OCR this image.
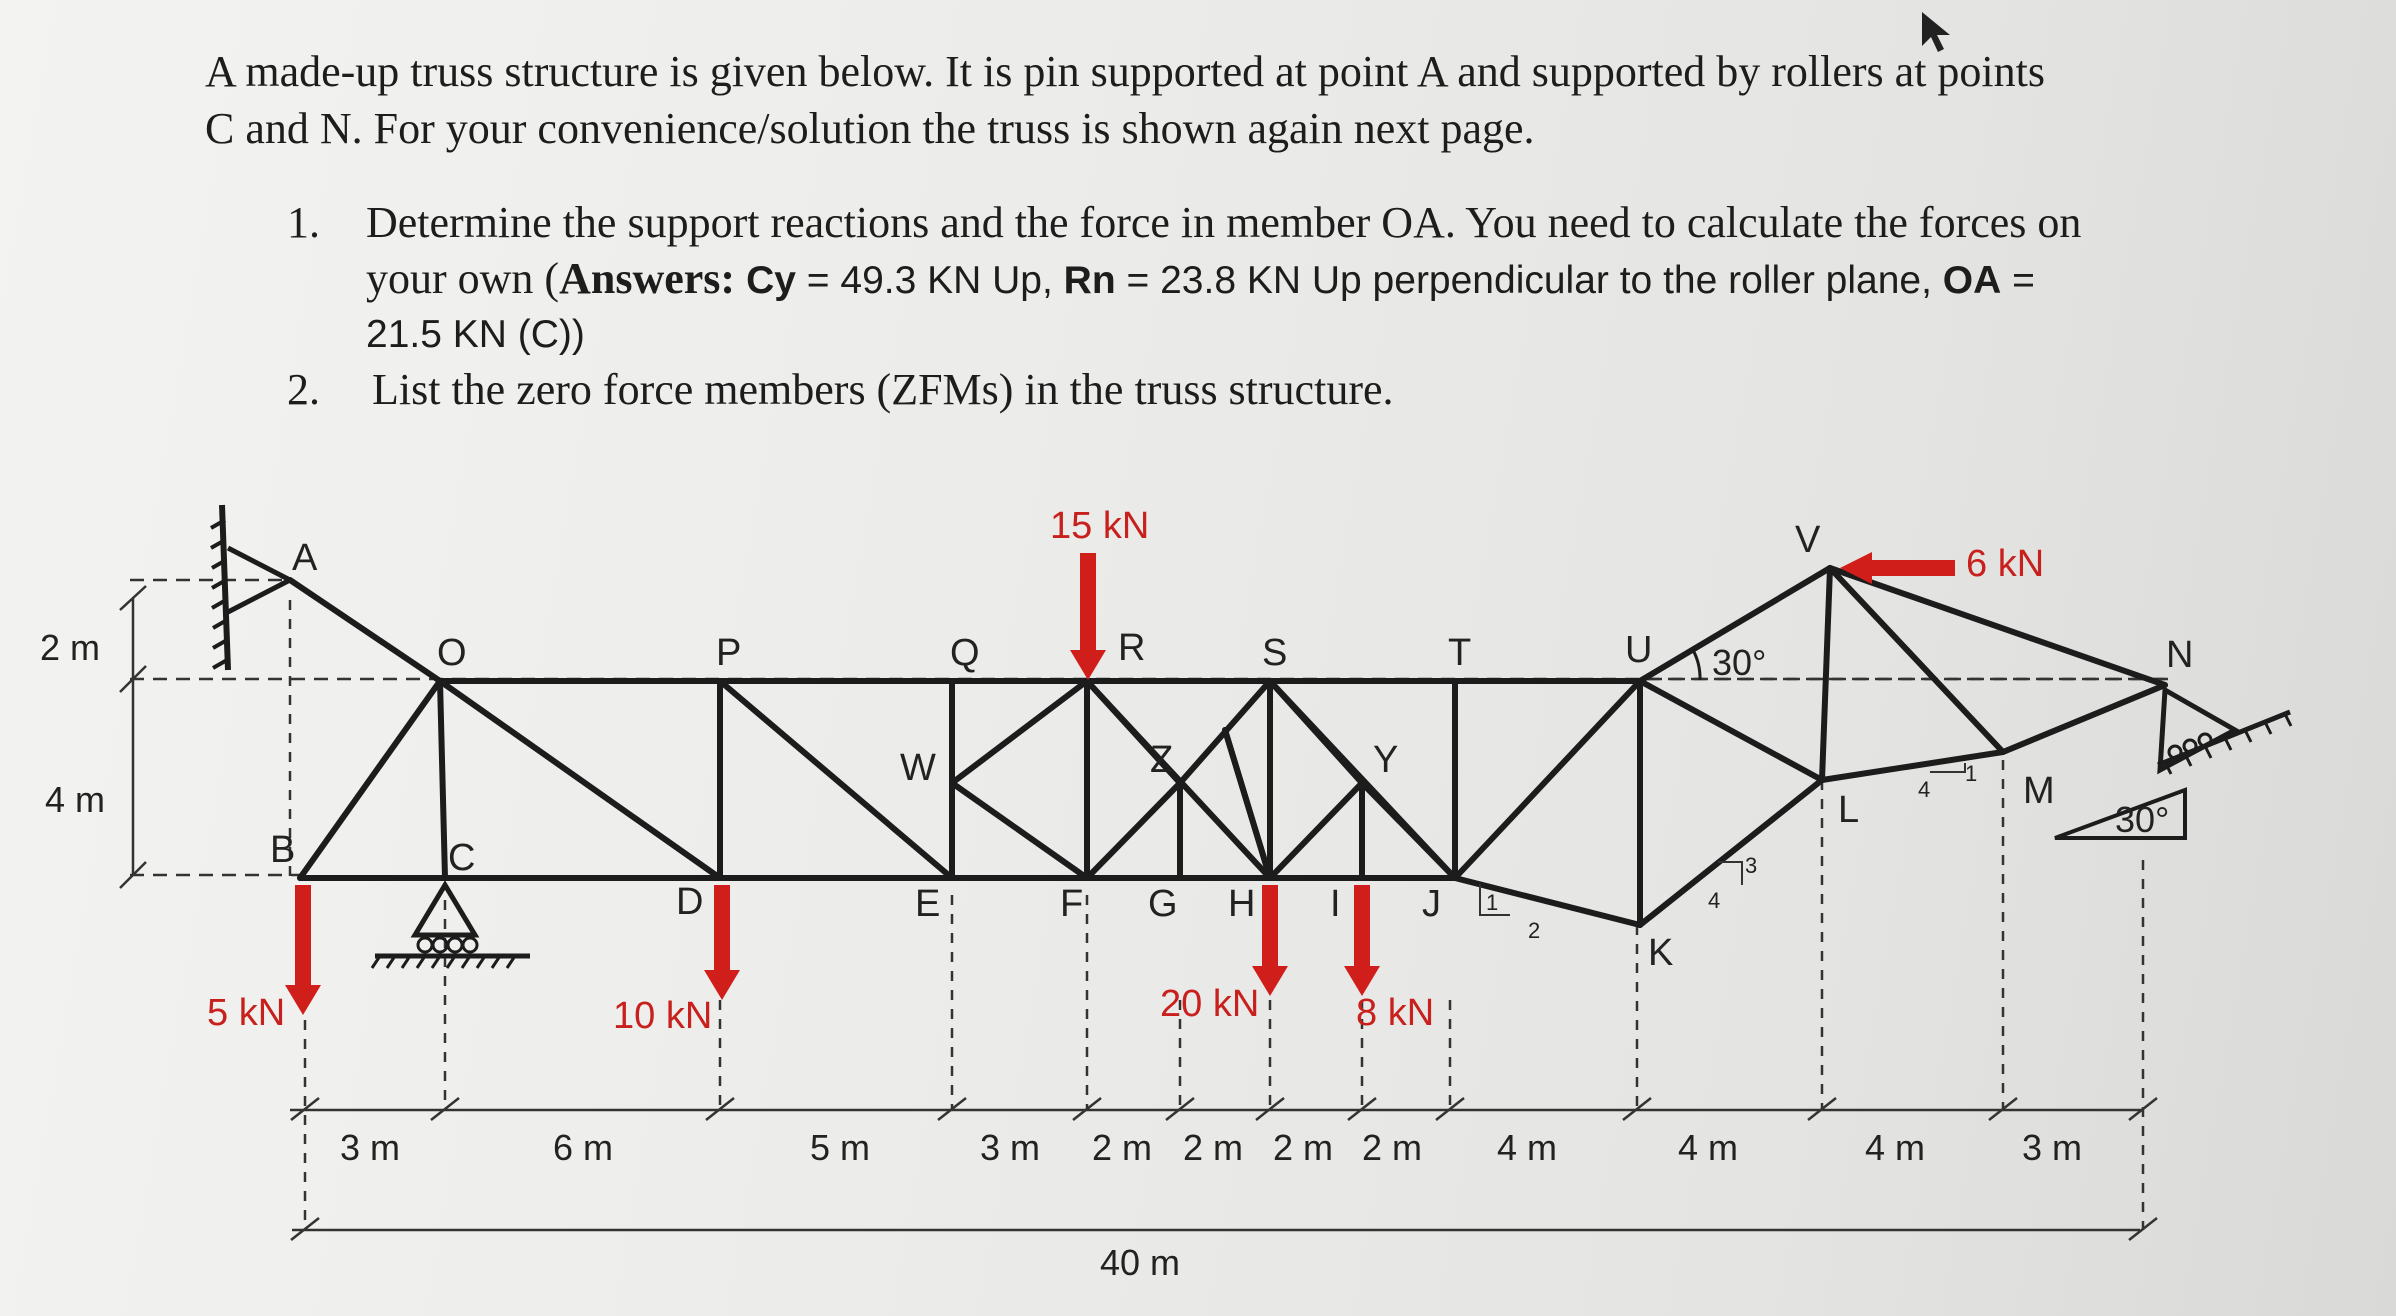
A made-up truss structure is given below. It is pin supported at point A and supported by rollers at points
C and N. For your convenience/solution the truss is shown again next page.
1. Determine the support reactions and the force in member OA. You need to calculate the forces on
your own (Answers: Cy = 49.3 KN Up, Rn = 23.8 KN Up perpendicular to the roller plane, OA =
21.5 KN (C))
2. List the zero force members (ZFMs) in the truss structure.
15 kN
6 kN
5 kN	10 kN	20 kN	8 kN
A
O	P	Q	R	S	T	U
V
N
B	C
D	E	F G H I J
K
L	M
W	Z	Y
2 m
4 m
30°
30°
1
2
3
4
4
1
3 m	6 m	5 m	3 m 2 m 2 m 2 m 2 m 4 m	4 m	4 m	3 m
40 m
